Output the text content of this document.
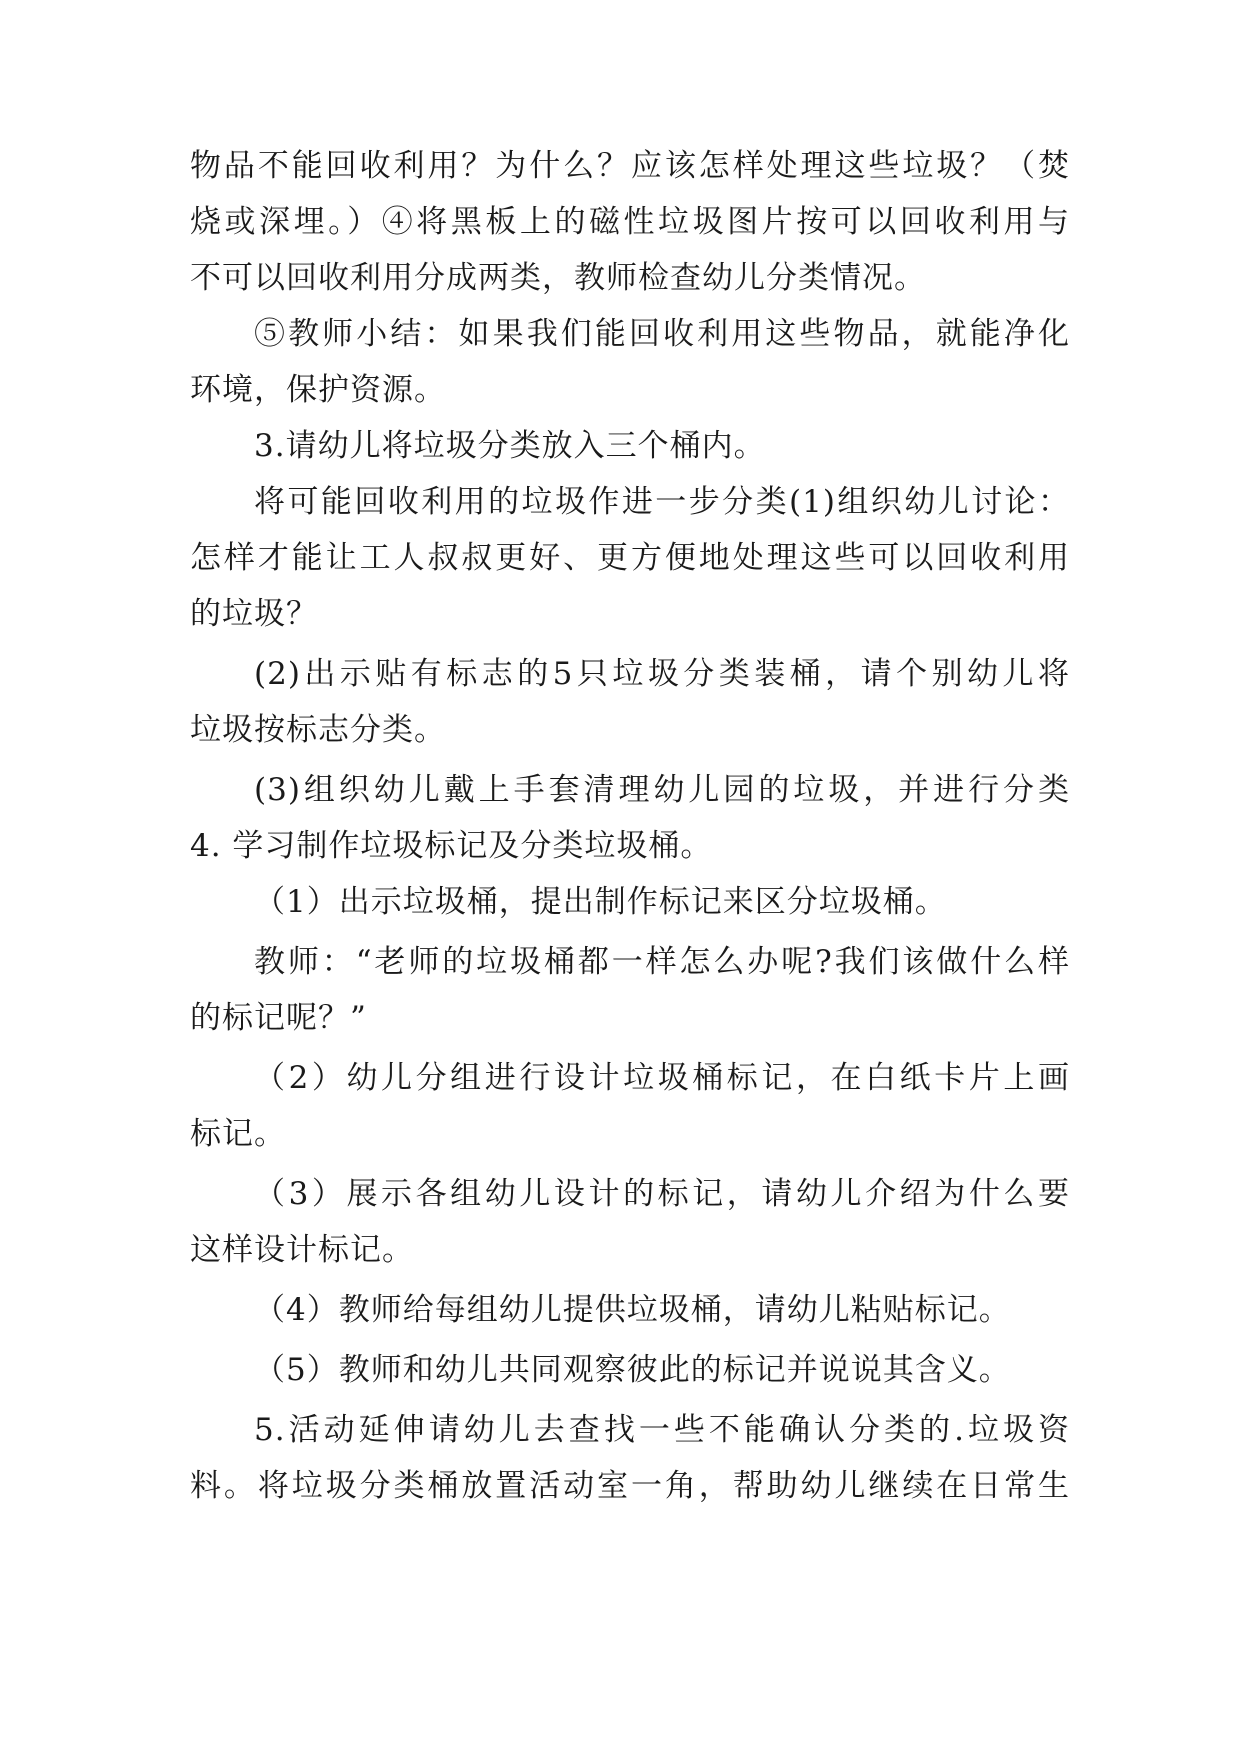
物品不能回收利用？为什么？应该怎样处理这些垃圾？（焚
烧或深埋。）④将黑板上的磁性垃圾图片按可以回收利用与
不可以回收利用分成两类，教师检查幼儿分类情况。
⑤教师小结：如果我们能回收利用这些物品，就能净化
环境，保护资源。
3.请幼儿将垃圾分类放入三个桶内。
将可能回收利用的垃圾作进一步分类(1)组织幼儿讨论：
怎样才能让工人叔叔更好、更方便地处理这些可以回收利用
的垃圾？
(2)出示贴有标志的5只垃圾分类装桶，请个别幼儿将
垃圾按标志分类。
(3)组织幼儿戴上手套清理幼儿园的垃圾，并进行分类
4. 学习制作垃圾标记及分类垃圾桶。
（1）出示垃圾桶，提出制作标记来区分垃圾桶。
教师：“老师的垃圾桶都一样怎么办呢?我们该做什么样
的标记呢？”
（2）幼儿分组进行设计垃圾桶标记，在白纸卡片上画
标记。
（3）展示各组幼儿设计的标记，请幼儿介绍为什么要
这样设计标记。
（4）教师给每组幼儿提供垃圾桶，请幼儿粘贴标记。
（5）教师和幼儿共同观察彼此的标记并说说其含义。
5.活动延伸请幼儿去查找一些不能确认分类的.垃圾资
料。将垃圾分类桶放置活动室一角，帮助幼儿继续在日常生
